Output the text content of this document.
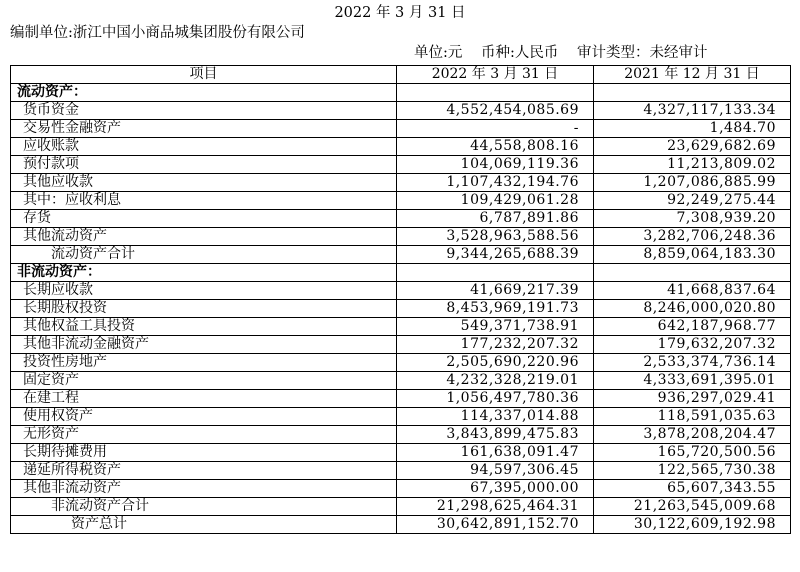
2022 年 3 月 31 日
编制单位:浙江中国小商品城集团股份有限公司
单位:元 币种:人民币 审计类型：未经审计
项目	2022 年 3 月 31 日	2021 年 12 月 31 日
流动资产：		
货币资金	4,552,454,085.69	4,327,117,133.34
交易性金融资产	-	1,484.70
应收账款	44,558,808.16	23,629,682.69
预付款项	104,069,119.36	11,213,809.02
其他应收款	1,107,432,194.76	1,207,086,885.99
其中：应收利息	109,429,061.28	92,249,275.44
存货	6,787,891.86	7,308,939.20
其他流动资产	3,528,963,588.56	3,282,706,248.36
流动资产合计	9,344,265,688.39	8,859,064,183.30
非流动资产：		
长期应收款	41,669,217.39	41,668,837.64
长期股权投资	8,453,969,191.73	8,246,000,020.80
其他权益工具投资	549,371,738.91	642,187,968.77
其他非流动金融资产	177,232,207.32	179,632,207.32
投资性房地产	2,505,690,220.96	2,533,374,736.14
固定资产	4,232,328,219.01	4,333,691,395.01
在建工程	1,056,497,780.36	936,297,029.41
使用权资产	114,337,014.88	118,591,035.63
无形资产	3,843,899,475.83	3,878,208,204.47
长期待摊费用	161,638,091.47	165,720,500.56
递延所得税资产	94,597,306.45	122,565,730.38
其他非流动资产	67,395,000.00	65,607,343.55
非流动资产合计	21,298,625,464.31	21,263,545,009.68
资产总计	30,642,891,152.70	30,122,609,192.98
